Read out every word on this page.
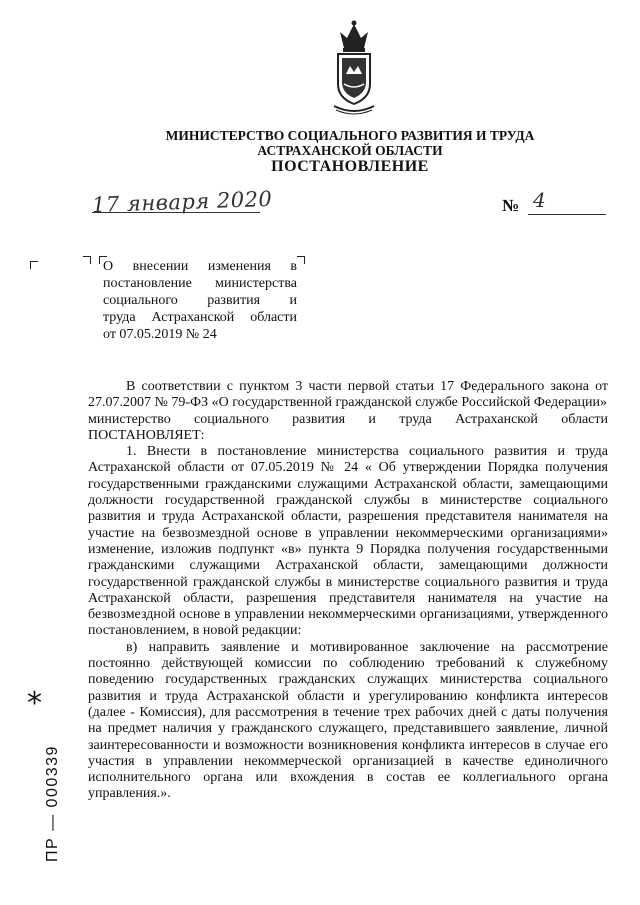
МИНИСТЕРСТВО СОЦИАЛЬНОГО РАЗВИТИЯ И ТРУДА
АСТРАХАНСКОЙ ОБЛАСТИ
ПОСТАНОВЛЕНИЕ
17 января 2020	№ 4
О внесении изменения в
постановление министерства
социального развития и
труда Астраханской области
от 07.05.2019 № 24

В соответствии с пунктом 3 части первой статьи 17 Федерального закона от 27.07.2007 № 79-ФЗ «О государственной гражданской службе Российской Федерации»

министерство социального развития и труда Астраханской области

ПОСТАНОВЛЯЕТ:

1. Внести в постановление министерства социального развития и труда Астраханской области от 07.05.2019 № 24 « Об утверждении Порядка получения государственными гражданскими служащими Астраханской области, замещающими должности государственной гражданской службы в министерстве социального развития и труда Астраханской области, разрешения представителя нанимателя на участие на безвозмездной основе в управлении некоммерческими организациями» изменение, изложив подпункт «в» пункта 9 Порядка получения государственными гражданскими служащими Астраханской области, замещающими должности государственной гражданской службы в министерстве социального развития и труда Астраханской области, разрешения представителя нанимателя на участие на безвозмездной основе в управлении некоммерческими организациями, утвержденного постановлением, в новой редакции:

в) направить заявление и мотивированное заключение на рассмотрение постоянно действующей комиссии по соблюдению требований к служебному поведению государственных гражданских служащих министерства социального развития и труда Астраханской области и урегулированию конфликта интересов (далее - Комиссия), для рассмотрения в течение трех рабочих дней с даты получения на предмет наличия у гражданского служащего, представившего заявление, личной заинтересованности и возможности возникновения конфликта интересов в случае его участия в управлении некоммерческой организацией в качестве единоличного исполнительного органа или вхождения в состав ее коллегиального органа управления.».

*
ПР — 000339
